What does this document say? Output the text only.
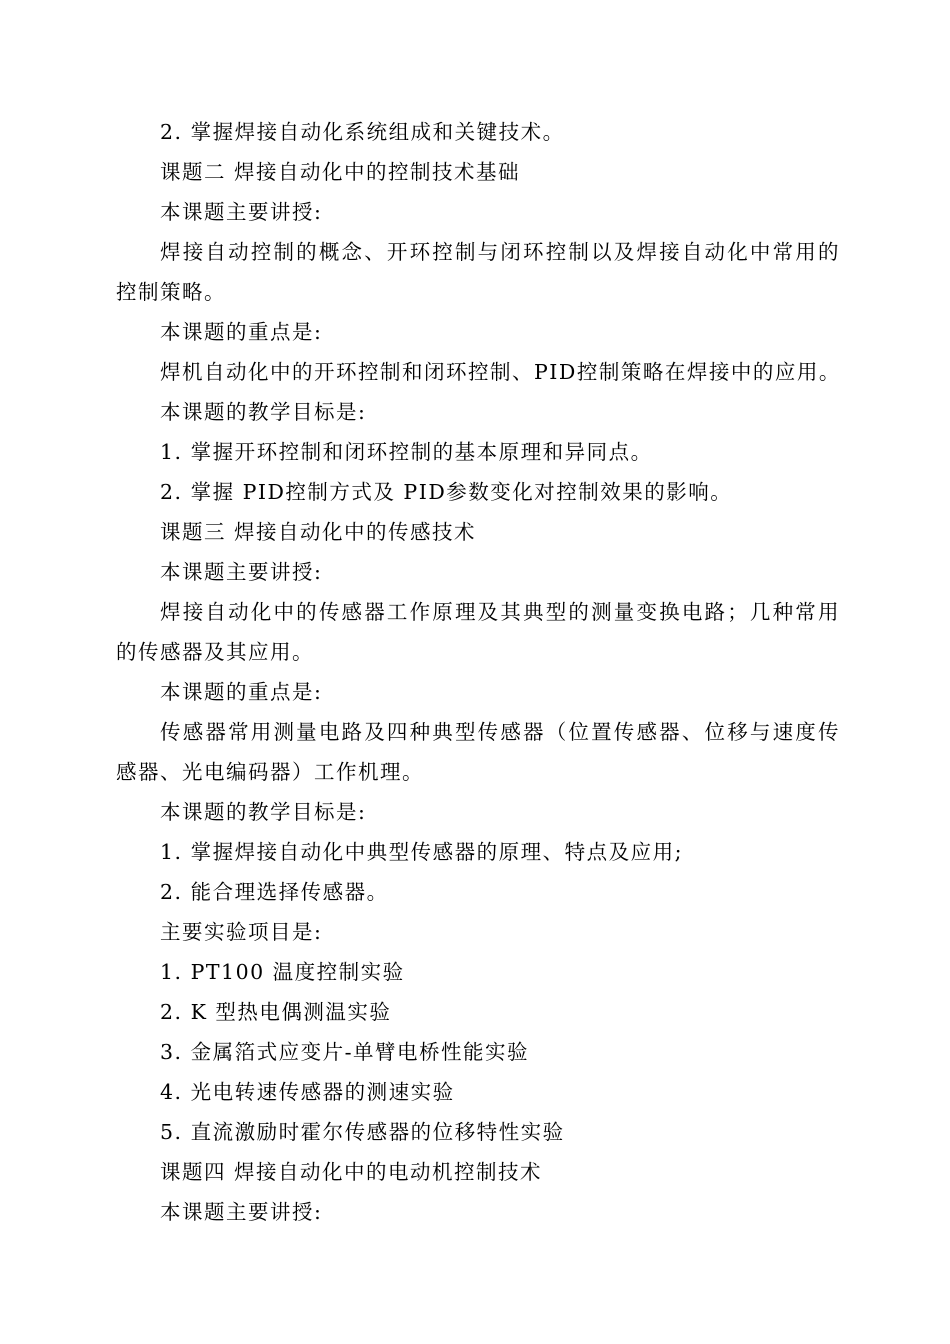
2. 掌握焊接自动化系统组成和关键技术。
课题二 焊接自动化中的控制技术基础
本课题主要讲授:
焊接自动控制的概念、开环控制与闭环控制以及焊接自动化中常用的控制策略。
本课题的重点是:
焊机自动化中的开环控制和闭环控制、PID控制策略在焊接中的应用。
本课题的教学目标是:
1. 掌握开环控制和闭环控制的基本原理和异同点。
2. 掌握 PID控制方式及 PID参数变化对控制效果的影响。
课题三 焊接自动化中的传感技术
本课题主要讲授:
焊接自动化中的传感器工作原理及其典型的测量变换电路；几种常用的传感器及其应用。
本课题的重点是:
传感器常用测量电路及四种典型传感器（位置传感器、位移与速度传感器、光电编码器）工作机理。
本课题的教学目标是:
1. 掌握焊接自动化中典型传感器的原理、特点及应用;
2. 能合理选择传感器。
主要实验项目是:
1. PT100 温度控制实验
2. K 型热电偶测温实验
3. 金属箔式应变片-单臂电桥性能实验
4. 光电转速传感器的测速实验
5. 直流激励时霍尔传感器的位移特性实验
课题四 焊接自动化中的电动机控制技术
本课题主要讲授:
